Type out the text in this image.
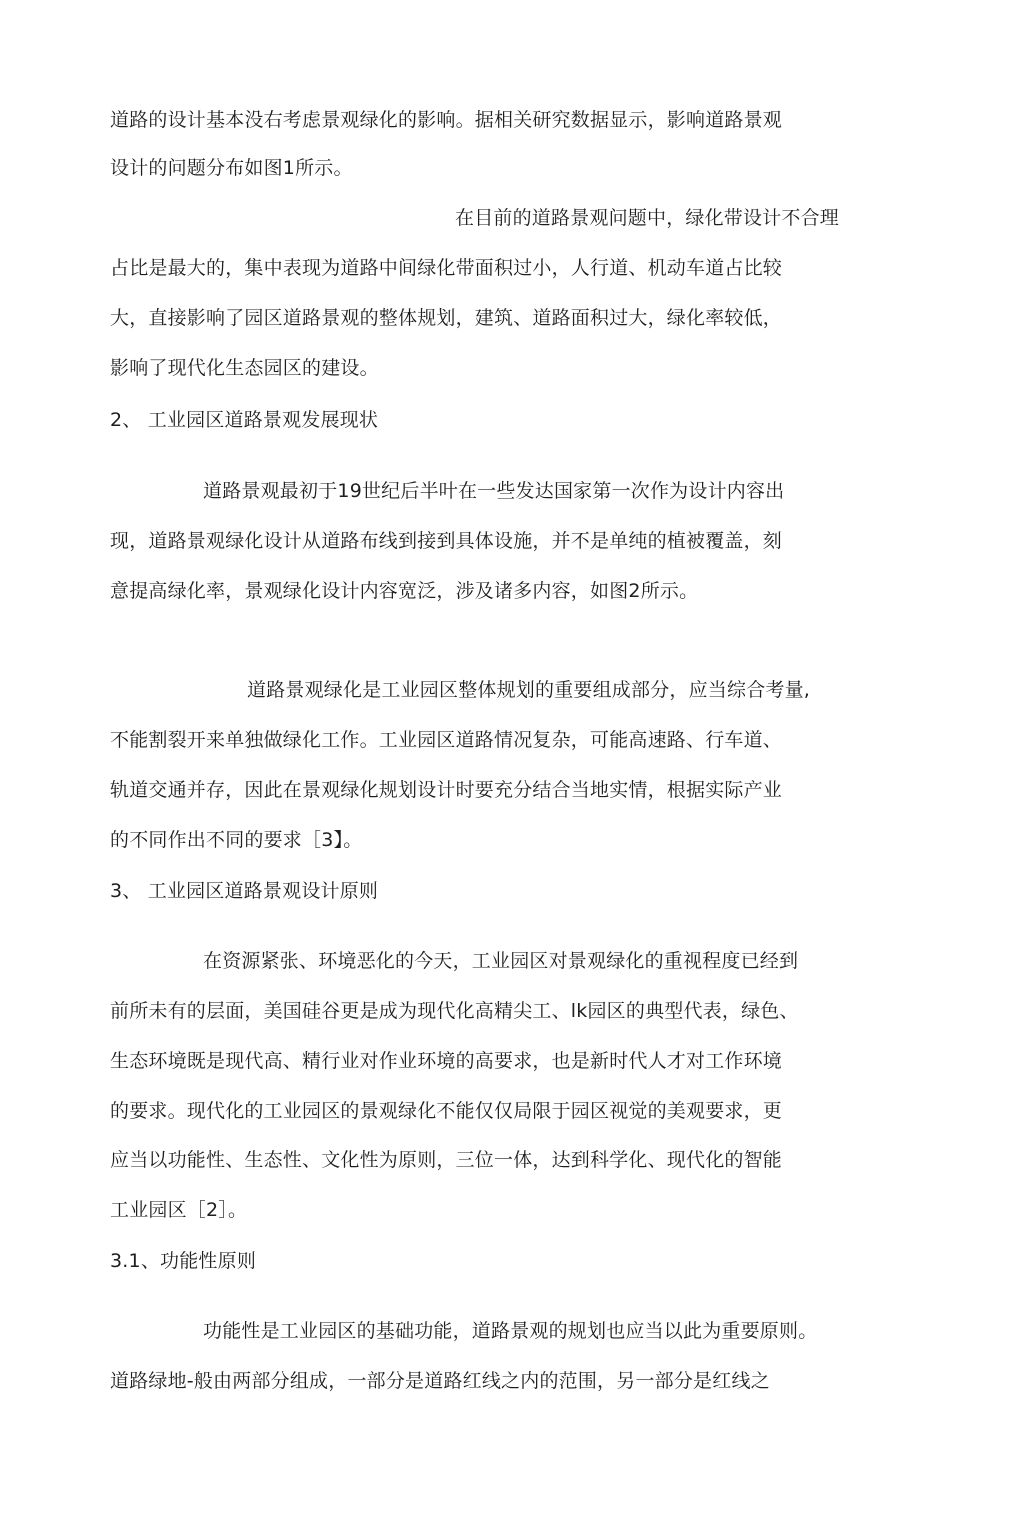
道路的设计基本没右考虑景观绿化的影响。据相关研究数据显示，影响道路景观
设计的问题分布如图1所示。
在目前的道路景观问题中，绿化带设计不合理
占比是最大的，集中表现为道路中间绿化带面积过小，人行道、机动车道占比较
大，直接影响了园区道路景观的整体规划，建筑、道路面积过大，绿化率较低，
影响了现代化生态园区的建设。
2、 工业园区道路景观发展现状
道路景观最初于19世纪后半叶在一些发达国家第一次作为设计内容出
现，道路景观绿化设计从道路布线到接到具体设施，并不是单纯的植被覆盖，刻
意提高绿化率，景观绿化设计内容宽泛，涉及诸多内容，如图2所示。
道路景观绿化是工业园区整体规划的重要组成部分，应当综合考量,
不能割裂开来单独做绿化工作。工业园区道路情况复杂，可能高速路、行车道、
轨道交通并存，因此在景观绿化规划设计时要充分结合当地实情，根据实际产业
的不同作出不同的要求［3】。
3、 工业园区道路景观设计原则
在资源紧张、环境恶化的今天，工业园区对景观绿化的重视程度已经到
前所未有的层面，美国硅谷更是成为现代化高精尖工、lk园区的典型代表，绿色、
生态环境既是现代高、精行业对作业环境的高要求，也是新时代人才对工作环境
的要求。现代化的工业园区的景观绿化不能仅仅局限于园区视觉的美观要求，更
应当以功能性、生态性、文化性为原则，三位一体，达到科学化、现代化的智能
工业园区［2］。
3.1、功能性原则
功能性是工业园区的基础功能，道路景观的规划也应当以此为重要原则。
道路绿地-般由两部分组成，一部分是道路红线之内的范围，另一部分是红线之
